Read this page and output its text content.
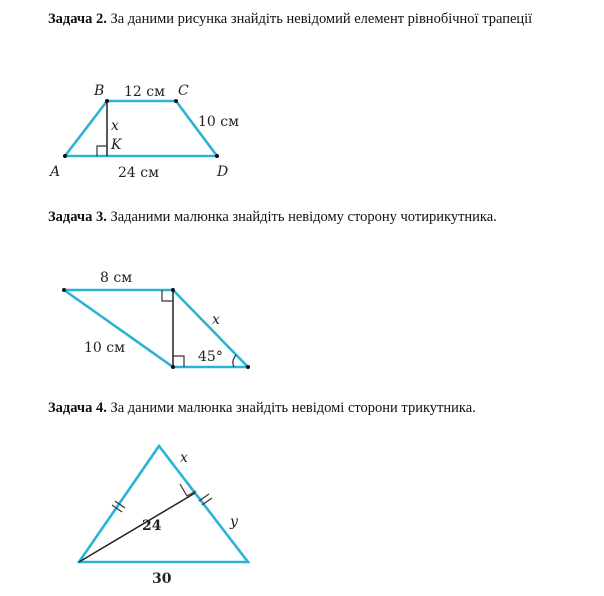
Задача 2. За даними рисунка знайдіть невідомий елемент рівнобічної трапеції
B	C
A	D
K
x
12 см
10 см
24 см
8 см
10 см
x
45°
x
y
24
30
Задача 3. Заданими малюнка знайдіть невідому сторону чотирикутника.
Задача 4. За даними малюнка знайдіть невідомі сторони трикутника.
